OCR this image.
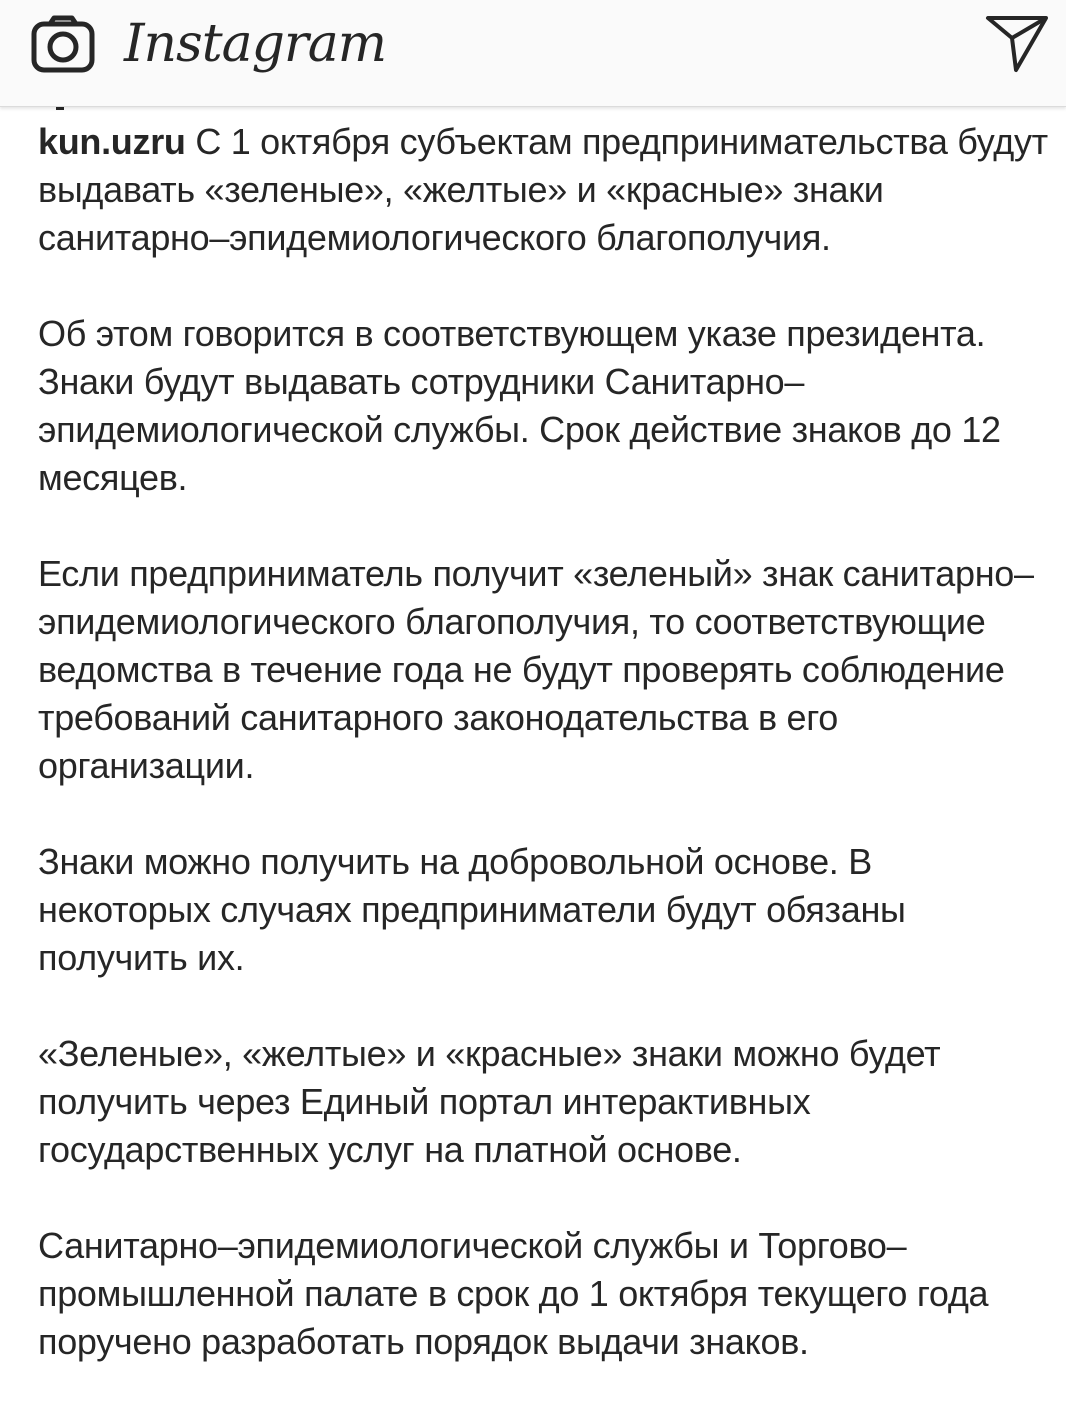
Instagram

kun.uzru С 1 октября субъектам предпринимательства будут выдавать «зеленые», «желтые» и «красные» знаки санитарно–эпидемиологического благополучия.

Об этом говорится в соответствующем указе президента. Знаки будут выдавать сотрудники Санитарно–эпидемиологической службы. Срок действие знаков до 12 месяцев.

Если предприниматель получит «зеленый» знак санитарно–эпидемиологического благополучия, то соответствующие ведомства в течение года не будут проверять соблюдение требований санитарного законодательства в его организации.

Знаки можно получить на добровольной основе. В некоторых случаях предприниматели будут обязаны получить их.

«Зеленые», «желтые» и «красные» знаки можно будет получить через Единый портал интерактивных государственных услуг на платной основе.

Санитарно–эпидемиологической службы и Торгово–промышленной палате в срок до 1 октября текущего года поручено разработать порядок выдачи знаков.
